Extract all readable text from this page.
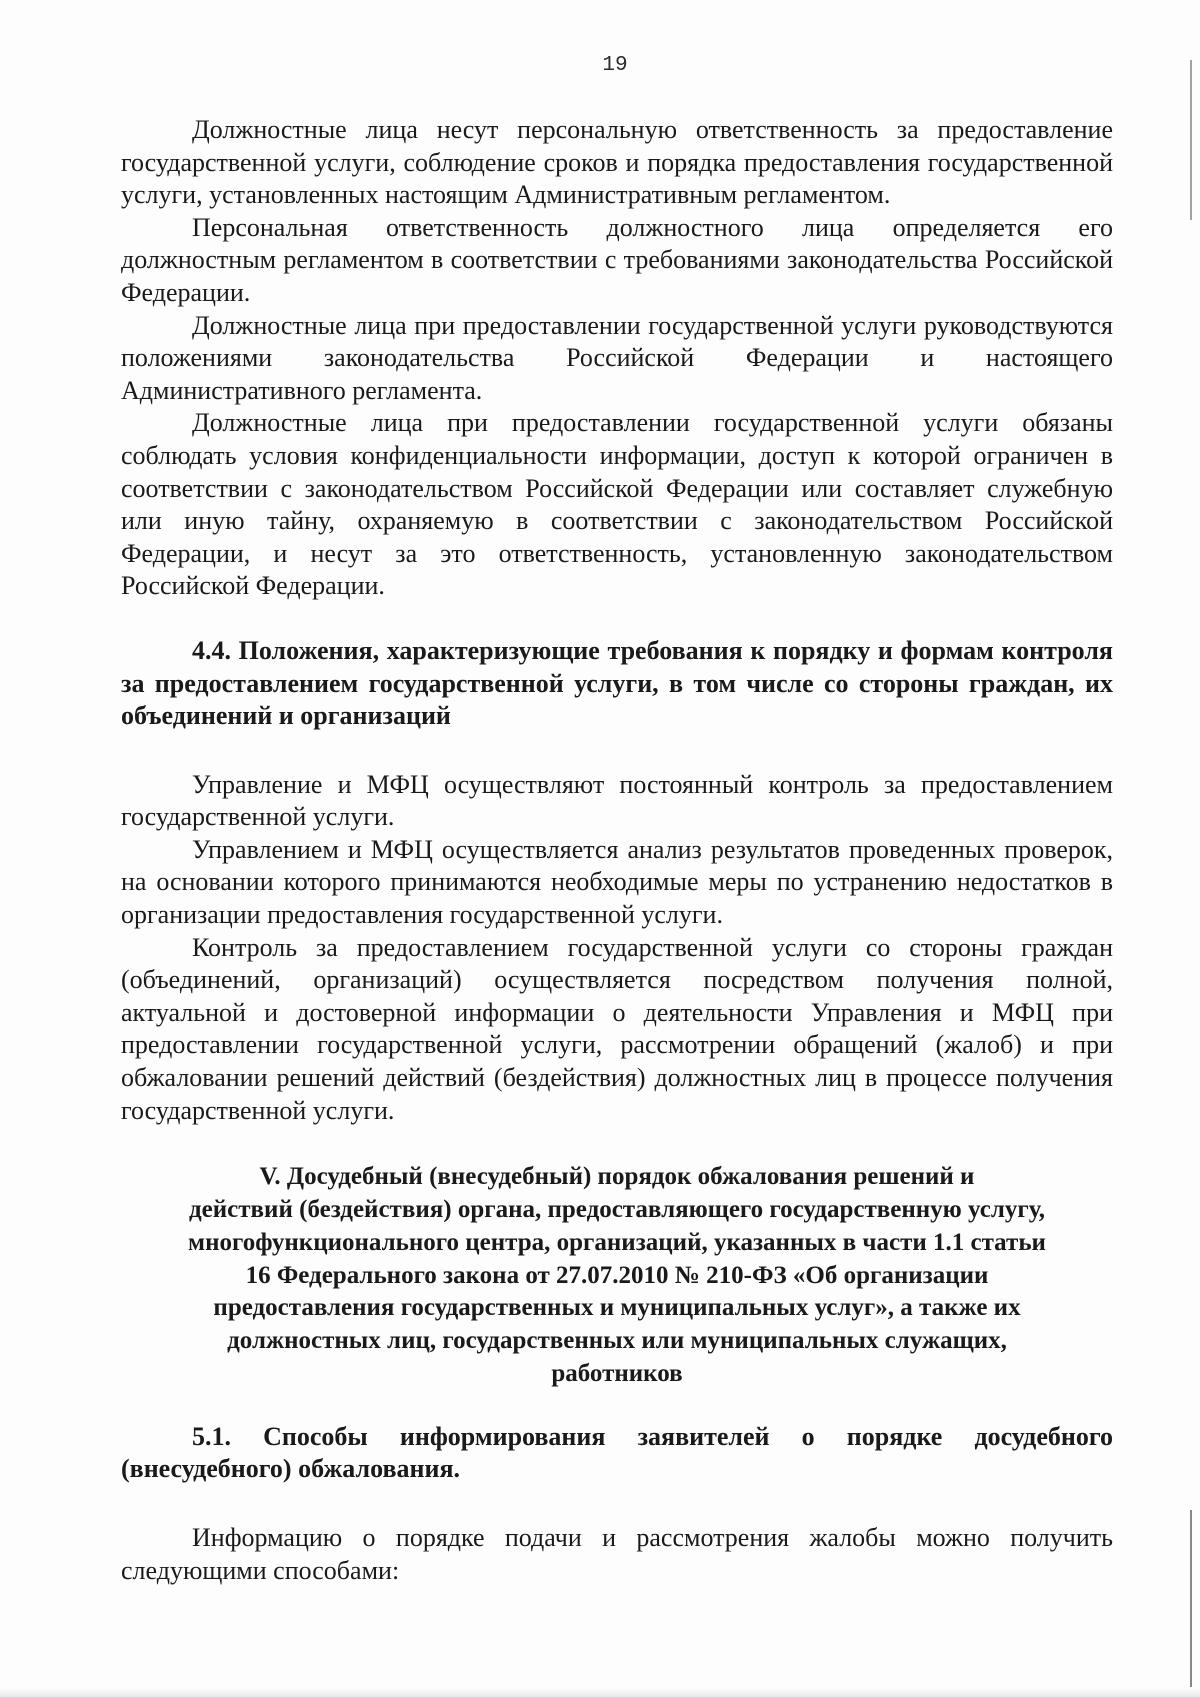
19

Должностные лица несут персональную ответственность за предоставление государственной услуги, соблюдение сроков и порядка предоставления государственной услуги, установленных настоящим Административным регламентом.

Персональная ответственность должностного лица определяется его должностным регламентом в соответствии с требованиями законодательства Российской Федерации.

Должностные лица при предоставлении государственной услуги руководствуются положениями законодательства Российской Федерации и настоящего Административного регламента.

Должностные лица при предоставлении государственной услуги обязаны соблюдать условия конфиденциальности информации, доступ к которой ограничен в соответствии с законодательством Российской Федерации или составляет служебную или иную тайну, охраняемую в соответствии с законодательством Российской Федерации, и несут за это ответственность, установленную законодательством Российской Федерации.

4.4. Положения, характеризующие требования к порядку и формам контроля за предоставлением государственной услуги, в том числе со стороны граждан, их объединений и организаций

Управление и МФЦ осуществляют постоянный контроль за предоставлением государственной услуги.

Управлением и МФЦ осуществляется анализ результатов проведенных проверок, на основании которого принимаются необходимые меры по устранению недостатков в организации предоставления государственной услуги.

Контроль за предоставлением государственной услуги со стороны граждан (объединений, организаций) осуществляется посредством получения полной, актуальной и достоверной информации о деятельности Управления и МФЦ при предоставлении государственной услуги, рассмотрении обращений (жалоб) и при обжаловании решений действий (бездействия) должностных лиц в процессе получения государственной услуги.

V. Досудебный (внесудебный) порядок обжалования решений и
действий (бездействия) органа, предоставляющего государственную услугу,
многофункционального центра, организаций, указанных в части 1.1 статьи
16 Федерального закона от 27.07.2010 № 210-ФЗ «Об организации
предоставления государственных и муниципальных услуг», а также их
должностных лиц, государственных или муниципальных служащих,
работников
5.1. Способы информирования заявителей о порядке досудебного (внесудебного) обжалования.

Информацию о порядке подачи и рассмотрения жалобы можно получить следующими способами:
